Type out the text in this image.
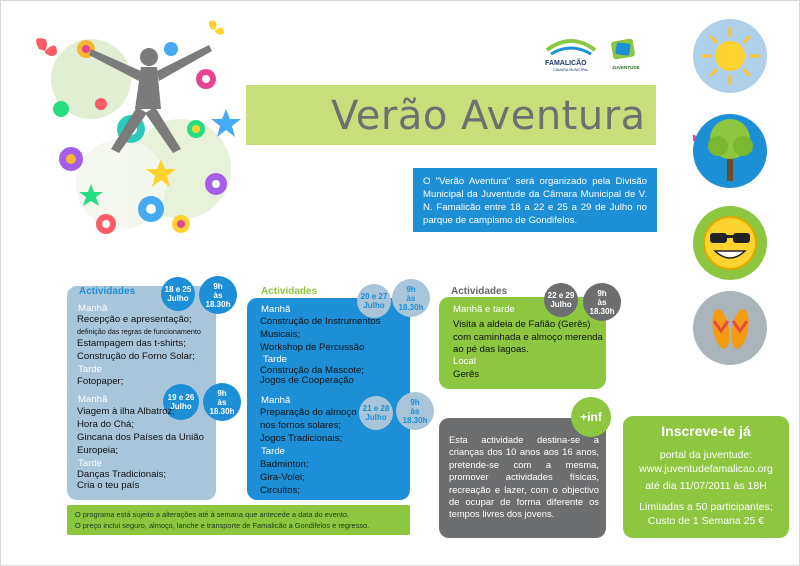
FAMALICÃO
CÂMARA MUNICIPAL	JUVENTUDE
Verão Aventura
O "Verão Aventura" será organizado pela Divisão Municipal da Juventude da Câmara Municipal de V. N. Famalicão entre 18 a 22 e 25 a 29 de Julho no parque de campismo de Gondifelos.
Actividades	18 e 25
Julho
9h
às
18.30h
Manhã
Recepção e apresentação;
definição das regras de funcionamento
Estampagem das t-shirts;
Construção do Forno Solar;
Tarde
Fotopaper;
19 e 26
Julho
9h
às
18.30h
Manhã
Viagem à ilha Albatroz;
Hora do Chá;
Gincana dos Países da União Europeia;
Tarde
Danças Tradicionais;
Cria o teu país
Actividades	20 e 27
Julho
9h
às
18.30h
Manhã
Construção de Instrumentos Musicais;
Workshop de Percussão
Tarde
Construção da Mascote;
Jogos de Cooperação
21 e 28
Julho
9h
às
18.30h
Manhã
Preparação do almoço nos fornos solares;
Jogos Tradicionais;
Tarde
Badminton;
Gira-Volei;
Circuitos;
Actividades	22 e 29
Julho
9h
às
18.30h
Manhã e tarde
Visita a aldeia de Fafião (Gerês) com caminhada e almoço merenda ao pé das lagoas.
Local
Gerês
+inf
Esta actividade destina-se a crianças dos 10 anos aos 16 anos, pretende-se com a mesma, promover actividades físicas, recreação e lazer, com o objectivo de ocupar de forma diferente os tempos livres dos jovens.
Inscreve-te já
portal da juventude:
www.juventudefamalicao.org
até dia 11/07/2011 às 18H
Limitadas a 50 participantes;
Custo de 1 Semana 25 €
O programa está sujeito a alterações até à semana que antecede a data do evento.
O preço inclui seguro, almoço, lanche e transporte de Famalicão a Gondifelos e regresso.
